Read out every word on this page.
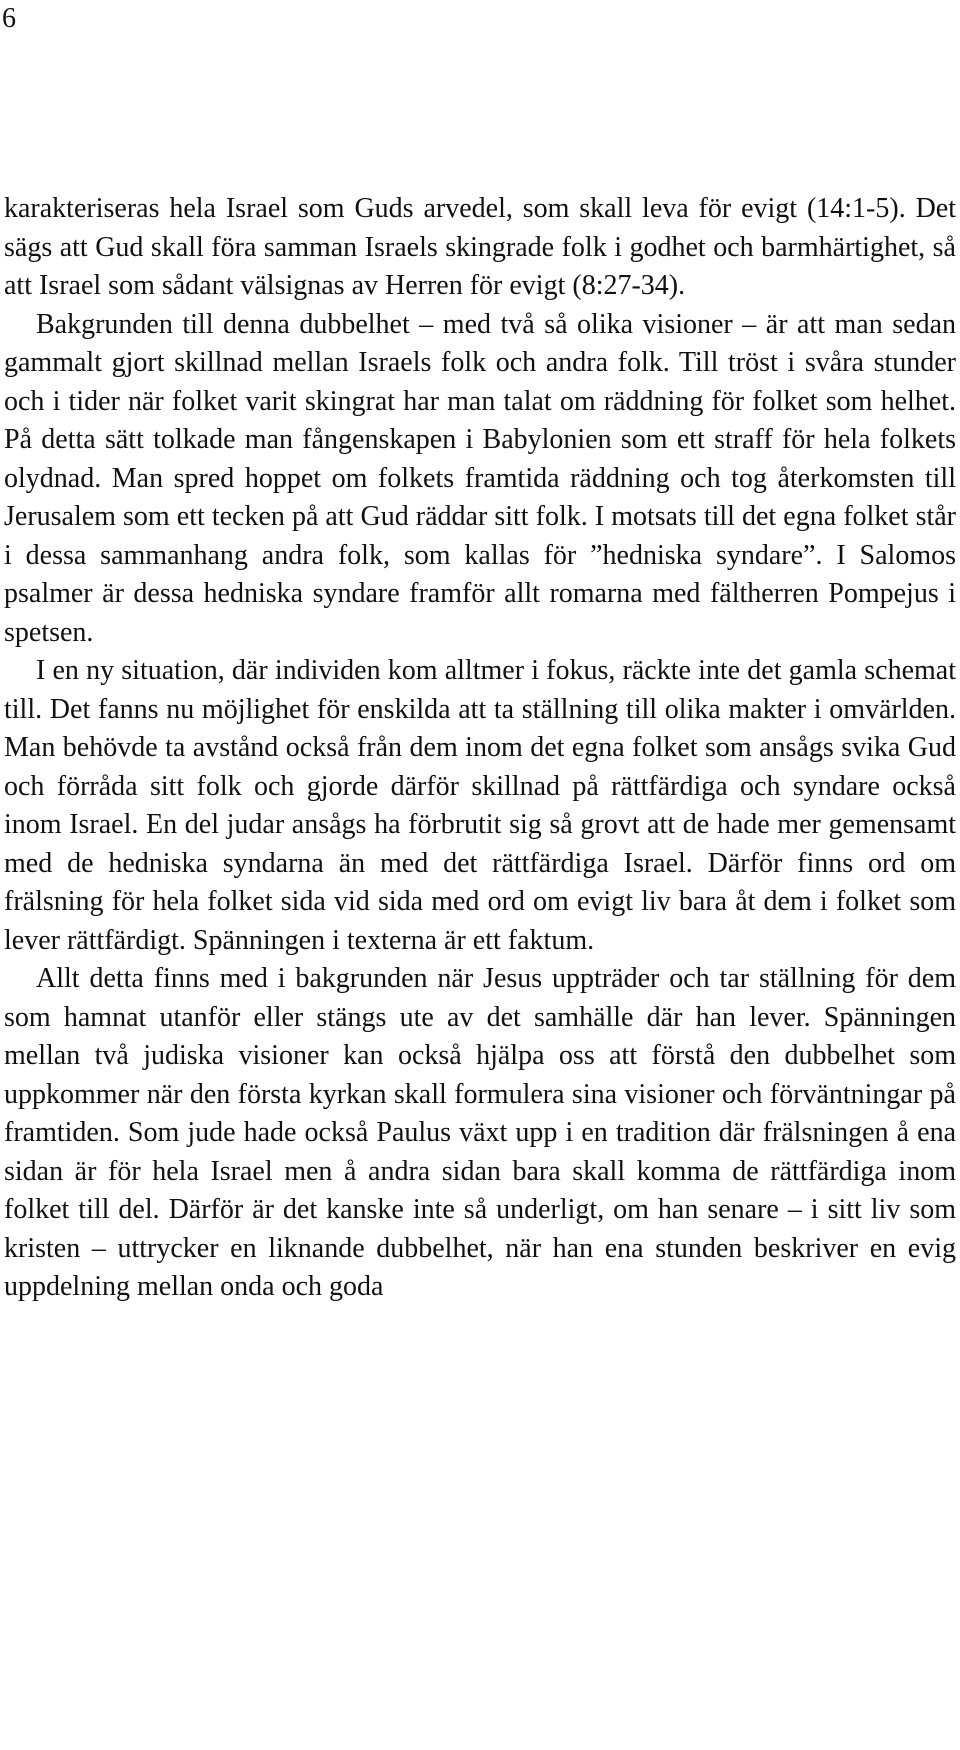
6

karakteriseras hela Israel som Guds arvedel, som skall leva för evigt (14:1-5). Det sägs att Gud skall föra samman Israels skingrade folk i godhet och barmhärtighet, så att Israel som sådant välsignas av Herren för evigt (8:27-34).

Bakgrunden till denna dubbelhet – med två så olika visioner – är att man sedan gammalt gjort skillnad mellan Israels folk och andra folk. Till tröst i svåra stunder och i tider när folket varit skingrat har man talat om räddning för folket som helhet. På detta sätt tolkade man fångenskapen i Babylonien som ett straff för hela folkets olydnad. Man spred hoppet om folkets framtida räddning och tog återkomsten till Jerusalem som ett tecken på att Gud räddar sitt folk. I motsats till det egna folket står i dessa sammanhang andra folk, som kallas för ”hedniska syndare”. I Salomos psalmer är dessa hedniska syndare framför allt romarna med fältherren Pompejus i spetsen.

I en ny situation, där individen kom alltmer i fokus, räckte inte det gamla schemat till. Det fanns nu möjlighet för enskilda att ta ställning till olika makter i omvärlden. Man behövde ta avstånd också från dem inom det egna folket som ansågs svika Gud och förråda sitt folk och gjorde därför skillnad på rättfärdiga och syndare också inom Israel. En del judar ansågs ha förbrutit sig så grovt att de hade mer gemensamt med de hedniska syndarna än med det rättfärdiga Israel. Därför finns ord om frälsning för hela folket sida vid sida med ord om evigt liv bara åt dem i folket som lever rättfärdigt. Spänningen i texterna är ett faktum.

Allt detta finns med i bakgrunden när Jesus uppträder och tar ställning för dem som hamnat utanför eller stängs ute av det samhälle där han lever. Spänningen mellan två judiska visioner kan också hjälpa oss att förstå den dubbelhet som uppkommer när den första kyrkan skall formulera sina visioner och förväntningar på framtiden. Som jude hade också Paulus växt upp i en tradition där frälsningen å ena sidan är för hela Israel men å andra sidan bara skall komma de rättfärdiga inom folket till del. Därför är det kanske inte så underligt, om han senare – i sitt liv som kristen – uttrycker en liknande dubbelhet, när han ena stunden beskriver en evig uppdelning mellan onda och goda
